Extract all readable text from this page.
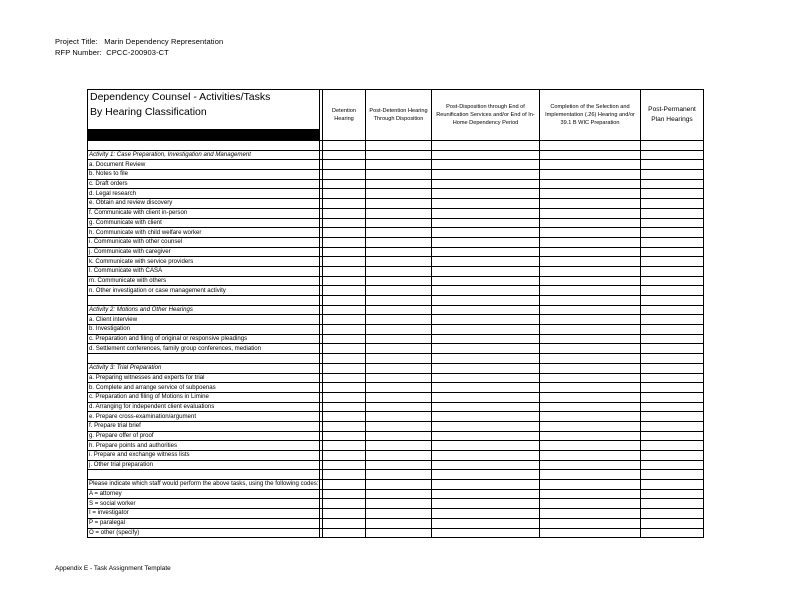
Project Title: Marin Dependency Representation
RFP Number: CPCC-200903-CT
Dependency Counsel - Activities/Tasks
By Hearing Classification		Detention Hearing	Post-Detention Hearing Through Disposition	Post-Disposition through End of Reunification Services and/or End of In-Home Dependency Period	Completion of the Selection and Implementation (.26) Hearing and/or 39.1 B WIC Preparation	Post-Permanent Plan Hearings

Activity 1: Case Preparation, Investigation and Management						
a. Document Review						
b. Notes to file						
c. Draft orders						
d. Legal research						
e. Obtain and review discovery						
f. Communicate with client in-person						
g. Communicate with client						
h. Communicate with child welfare worker						
i. Communicate with other counsel						
j. Communicate with caregiver						
k. Communicate with service providers						
l. Communicate with CASA						
m. Communicate with others						
n. Other investigation or case management activity						

Activity 2: Motions and Other Hearings						
a. Client interview						
b. Investigation						
c. Preparation and filing of original or responsive pleadings						
d. Settlement conferences, family group conferences, mediation						

Activity 3: Trial Preparation						
a. Preparing witnesses and experts for trial						
b. Complete and arrange service of subpoenas						
c. Preparation and filing of Motions in Limine						
d. Arranging for independent client evaluations						
e. Prepare cross-examination/argument						
f. Prepare trial brief						
g. Prepare offer of proof						
h. Prepare points and authorities						
i. Prepare and exchange witness lists						
j. Other trial preparation						

Please indicate which staff would perform the above tasks, using the following codes:						
A = attorney						
S = social worker						
I = investigator						
P = paralegal						
O = other (specify)						
Appendix E - Task Assignment Template
